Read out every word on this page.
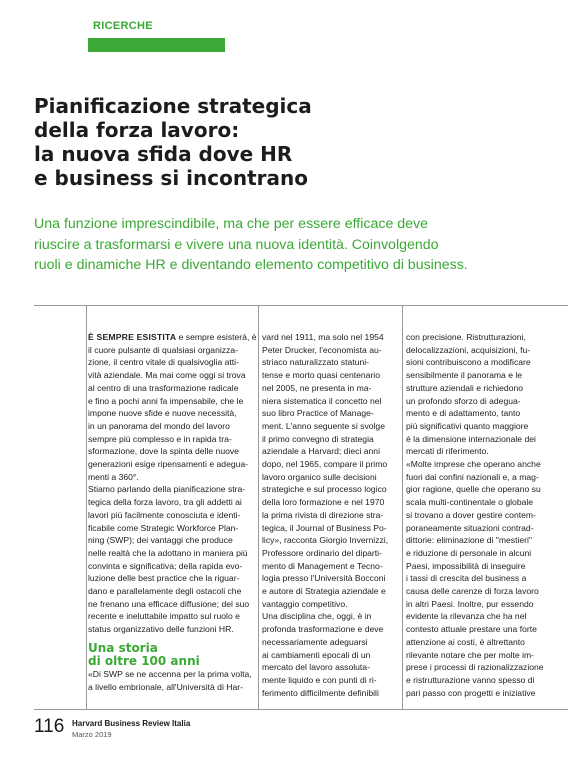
RICERCHE
Pianificazione strategica
della forza lavoro:
la nuova sfida dove HR
e business si incontrano

Una funzione imprescindibile, ma che per essere efficace deve
riuscire a trasformarsi e vivere una nuova identità. Coinvolgendo
ruoli e dinamiche HR e diventando elemento competitivo di business.

È SEMPRE ESISTITA e sempre esisterà, è
il cuore pulsante di qualsiasi organizza-
zione, il centro vitale di qualsivoglia atti-
vità aziendale. Ma mai come oggi si trova
al centro di una trasformazione radicale
e fino a pochi anni fa impensabile, che le
impone nuove sfide e nuove necessità,
in un panorama del mondo del lavoro
sempre più complesso e in rapida tra-
sformazione, dove la spinta delle nuove
generazioni esige ripensamenti e adegua-
menti a 360°.
Stiamo parlando della pianificazione stra-
tegica della forza lavoro, tra gli addetti ai
lavori più facilmente conosciuta e identi-
ficabile come Strategic Workforce Plan-
ning (SWP); dei vantaggi che produce
nelle realtà che la adottano in maniera più
convinta e significativa; della rapida evo-
luzione delle best practice che la riguar-
dano e parallelamente degli ostacoli che
ne frenano una efficace diffusione; del suo
recente e ineluttabile impatto sul ruolo e
status organizzativo delle funzioni HR.
Una storia
di oltre 100 anni
«Di SWP se ne accenna per la prima volta,
a livello embrionale, all'Università di Har-
vard nel 1911, ma solo nel 1954
Peter Drucker, l'economista au-
striaco naturalizzato statuni-
tense e morto quasi centenario
nel 2005, ne presenta in ma-
niera sistematica il concetto nel
suo libro Practice of Manage-
ment. L'anno seguente si svolge
il primo convegno di strategia
aziendale a Harvard; dieci anni
dopo, nel 1965, compare il primo
lavoro organico sulle decisioni
strategiche e sul processo logico
della loro formazione e nel 1970
la prima rivista di direzione stra-
tegica, il Journal of Business Po-
licy», racconta Giorgio Invernizzi,
Professore ordinario del diparti-
mento di Management e Tecno-
logia presso l'Università Bocconi
e autore di Strategia aziendale e
vantaggio competitivo.
Una disciplina che, oggi, è in
profonda trasformazione e deve
necessariamente adeguarsi
ai cambiamenti epocali di un
mercato del lavoro assoluta-
mente liquido e con punti di ri-
ferimento difficilmente definibili
con precisione. Ristrutturazioni,
delocalizzazioni, acquisizioni, fu-
sioni contribuiscono a modificare
sensibilmente il panorama e le
strutture aziendali e richiedono
un profondo sforzo di adegua-
mento e di adattamento, tanto
più significativi quanto maggiore
è la dimensione internazionale dei
mercati di riferimento.
«Molte imprese che operano anche
fuori dai confini nazionali e, a mag-
gior ragione, quelle che operano su
scala multi-continentale o globale
si trovano a dover gestire contem-
poraneamente situazioni contrad-
dittorie: eliminazione di "mestieri"
e riduzione di personale in alcuni
Paesi, impossibilità di inseguire
i tassi di crescita del business a
causa delle carenze di forza lavoro
in altri Paesi. Inoltre, pur essendo
evidente la rilevanza che ha nel
contesto attuale prestare una forte
attenzione ai costi, è altrettanto
rilevante notare che per molte im-
prese i processi di razionalizzazione
e ristrutturazione vanno spesso di
pari passo con progetti e iniziative
116 Harvard Business Review Italia
Marzo 2019
